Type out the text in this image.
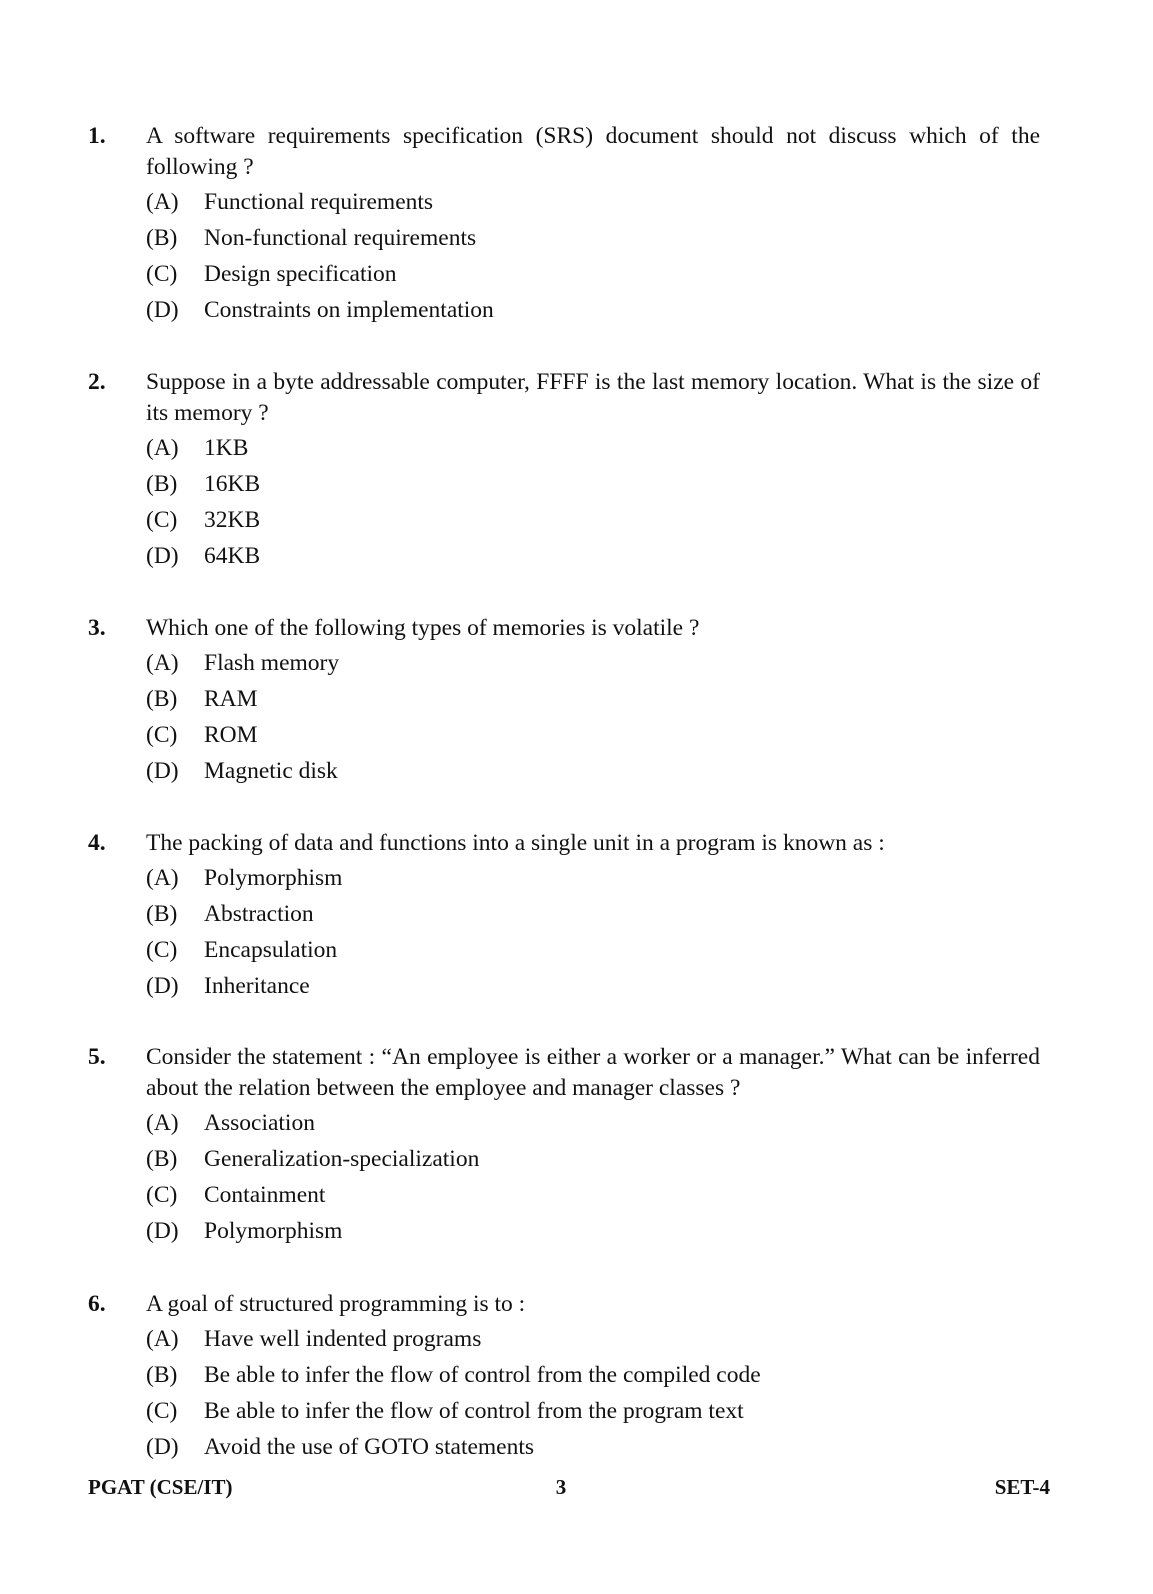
1. A software requirements specification (SRS) document should not discuss which of the following ?
(A)	Functional requirements
(B)	Non-functional requirements
(C)	Design specification
(D)	Constraints on implementation
2. Suppose in a byte addressable computer, FFFF is the last memory location. What is the size of its memory ?
(A)	1KB
(B)	16KB
(C)	32KB
(D)	64KB
3. Which one of the following types of memories is volatile ?
(A)	Flash memory
(B)	RAM
(C)	ROM
(D)	Magnetic disk
4. The packing of data and functions into a single unit in a program is known as :
(A)	Polymorphism
(B)	Abstraction
(C)	Encapsulation
(D)	Inheritance
5. Consider the statement : “An employee is either a worker or a manager.” What can be inferred about the relation between the employee and manager classes ?
(A)	Association
(B)	Generalization-specialization
(C)	Containment
(D)	Polymorphism
6. A goal of structured programming is to :
(A)	Have well indented programs
(B)	Be able to infer the flow of control from the compiled code
(C)	Be able to infer the flow of control from the program text
(D)	Avoid the use of GOTO statements
PGAT (CSE/IT)	3	SET-4
